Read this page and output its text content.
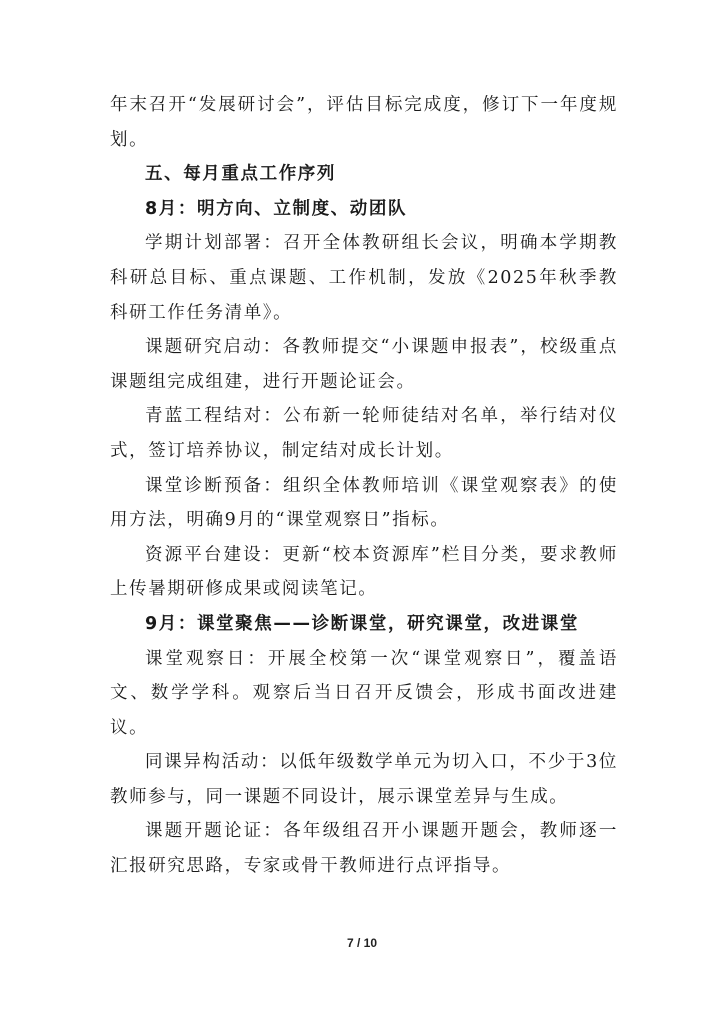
年末召开“发展研讨会”，评估目标完成度，修订下一年度规划。

五、每月重点工作序列
8月：明方向、立制度、动团队

学期计划部署：召开全体教研组长会议，明确本学期教科研总目标、重点课题、工作机制，发放《2025年秋季教科研工作任务清单》。

课题研究启动：各教师提交“小课题申报表”，校级重点课题组完成组建，进行开题论证会。

青蓝工程结对：公布新一轮师徒结对名单，举行结对仪式，签订培养协议，制定结对成长计划。

课堂诊断预备：组织全体教师培训《课堂观察表》的使用方法，明确9月的“课堂观察日”指标。

资源平台建设：更新“校本资源库”栏目分类，要求教师上传暑期研修成果或阅读笔记。

9月：课堂聚焦——诊断课堂，研究课堂，改进课堂

课堂观察日：开展全校第一次“课堂观察日”，覆盖语文、数学学科。观察后当日召开反馈会，形成书面改进建议。

同课异构活动：以低年级数学单元为切入口，不少于3位教师参与，同一课题不同设计，展示课堂差异与生成。

课题开题论证：各年级组召开小课题开题会，教师逐一汇报研究思路，专家或骨干教师进行点评指导。

7 / 10
